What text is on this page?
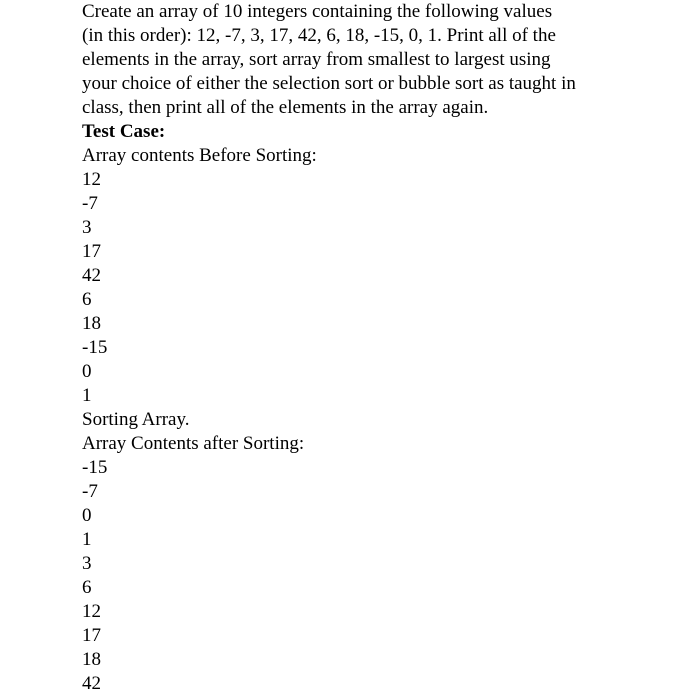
Create an array of 10 integers containing the following values

(in this order): 12, -7, 3, 17, 42, 6, 18, -15, 0, 1. Print all of the

elements in the array, sort array from smallest to largest using

your choice of either the selection sort or bubble sort as taught in

class, then print all of the elements in the array again.

Test Case:

Array contents Before Sorting:

12

-7

3

17

42

6

18

-15

0

1

Sorting Array.

Array Contents after Sorting:

-15

-7

0

1

3

6

12

17

18

42
